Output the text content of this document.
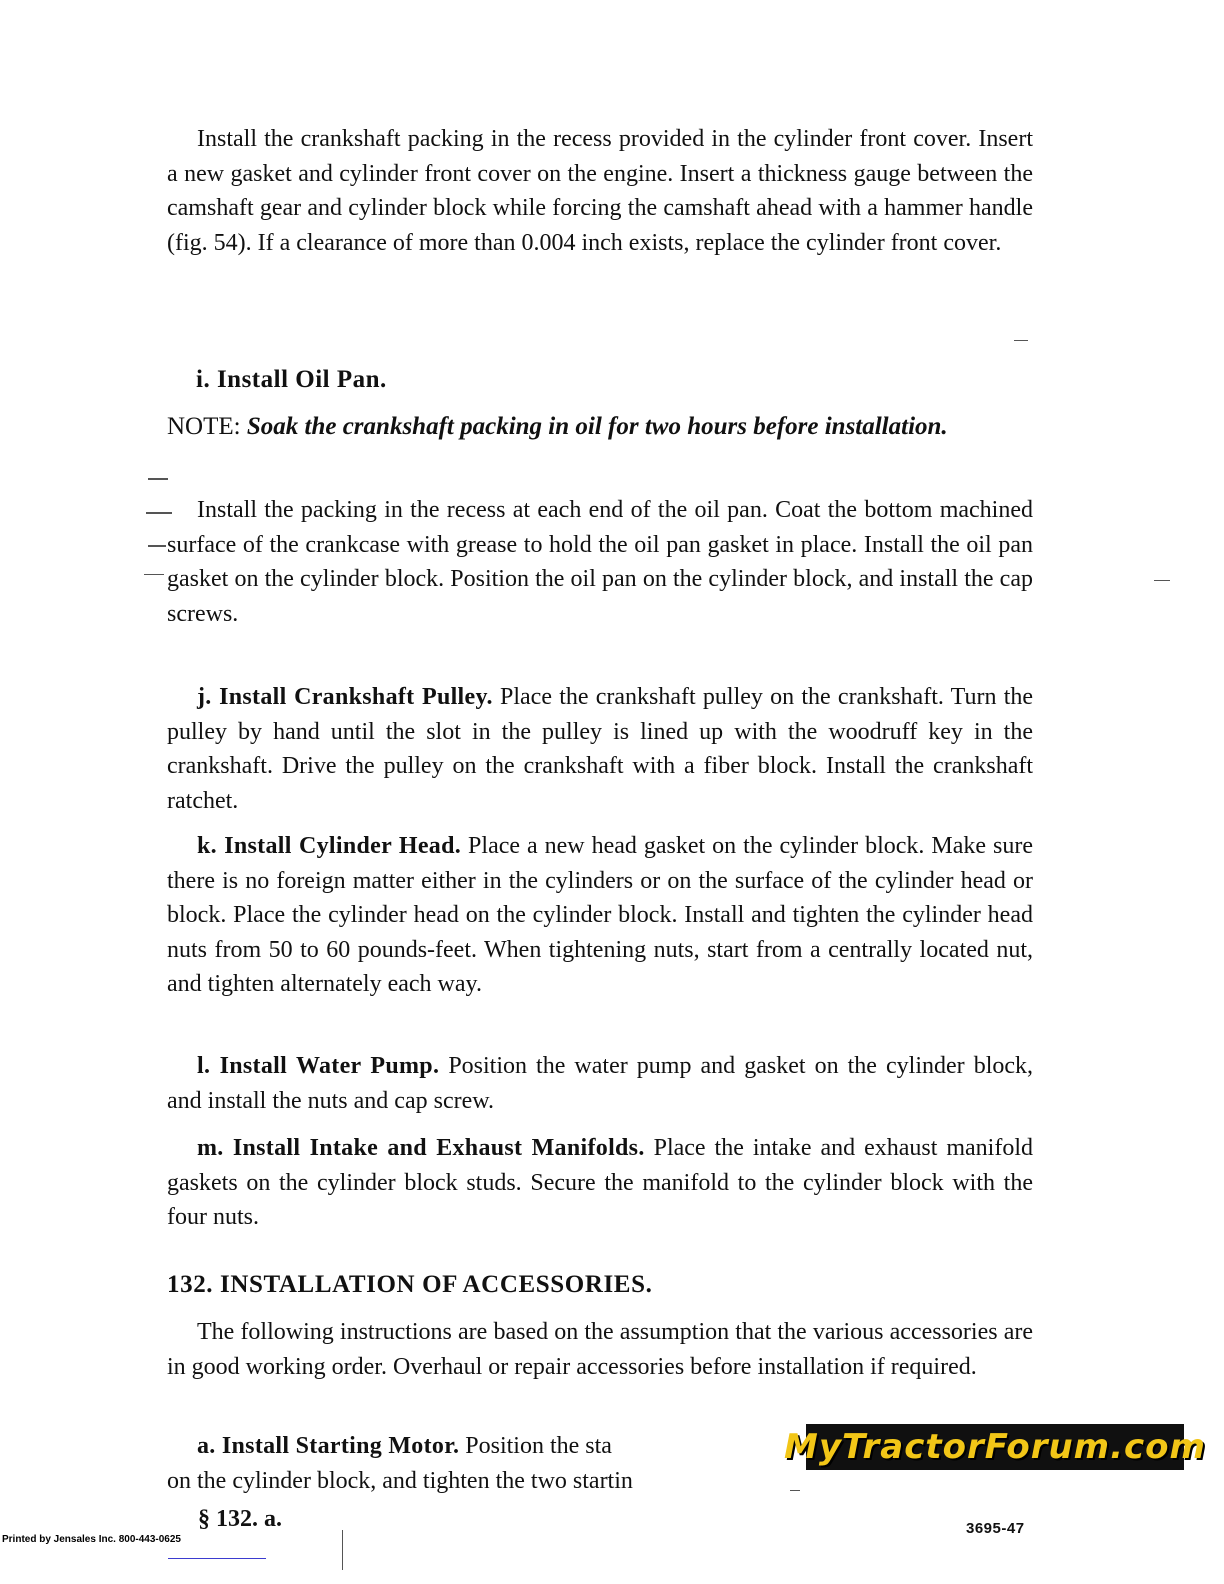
Install the crankshaft packing in the recess provided in the cylinder front cover. Insert a new gasket and cylinder front cover on the engine. Insert a thickness gauge between the camshaft gear and cylinder block while forcing the camshaft ahead with a hammer handle (fig. 54). If a clearance of more than 0.004 inch exists, replace the cylinder front cover.
i. Install Oil Pan.
NOTE: Soak the crankshaft packing in oil for two hours before installation.
Install the packing in the recess at each end of the oil pan. Coat the bottom machined surface of the crankcase with grease to hold the oil pan gasket in place. Install the oil pan gasket on the cylinder block. Position the oil pan on the cylinder block, and install the cap screws.
j. Install Crankshaft Pulley. Place the crankshaft pulley on the crankshaft. Turn the pulley by hand until the slot in the pulley is lined up with the woodruff key in the crankshaft. Drive the pulley on the crankshaft with a fiber block. Install the crankshaft ratchet.
k. Install Cylinder Head. Place a new head gasket on the cylinder block. Make sure there is no foreign matter either in the cylinders or on the surface of the cylinder head or block. Place the cylinder head on the cylinder block. Install and tighten the cylinder head nuts from 50 to 60 pounds-feet. When tightening nuts, start from a centrally located nut, and tighten alternately each way.
l. Install Water Pump. Position the water pump and gasket on the cylinder block, and install the nuts and cap screw.
m. Install Intake and Exhaust Manifolds. Place the intake and exhaust manifold gaskets on the cylinder block studs. Secure the manifold to the cylinder block with the four nuts.
132. INSTALLATION OF ACCESSORIES.
The following instructions are based on the assumption that the various accessories are in good working order. Overhaul or repair accessories before installation if required.
a. Install Starting Motor. Position the sta
on the cylinder block, and tighten the two startin
MyTractorForum.com
§ 132. a.	3695-47
Printed by Jensales Inc. 800-443-0625
